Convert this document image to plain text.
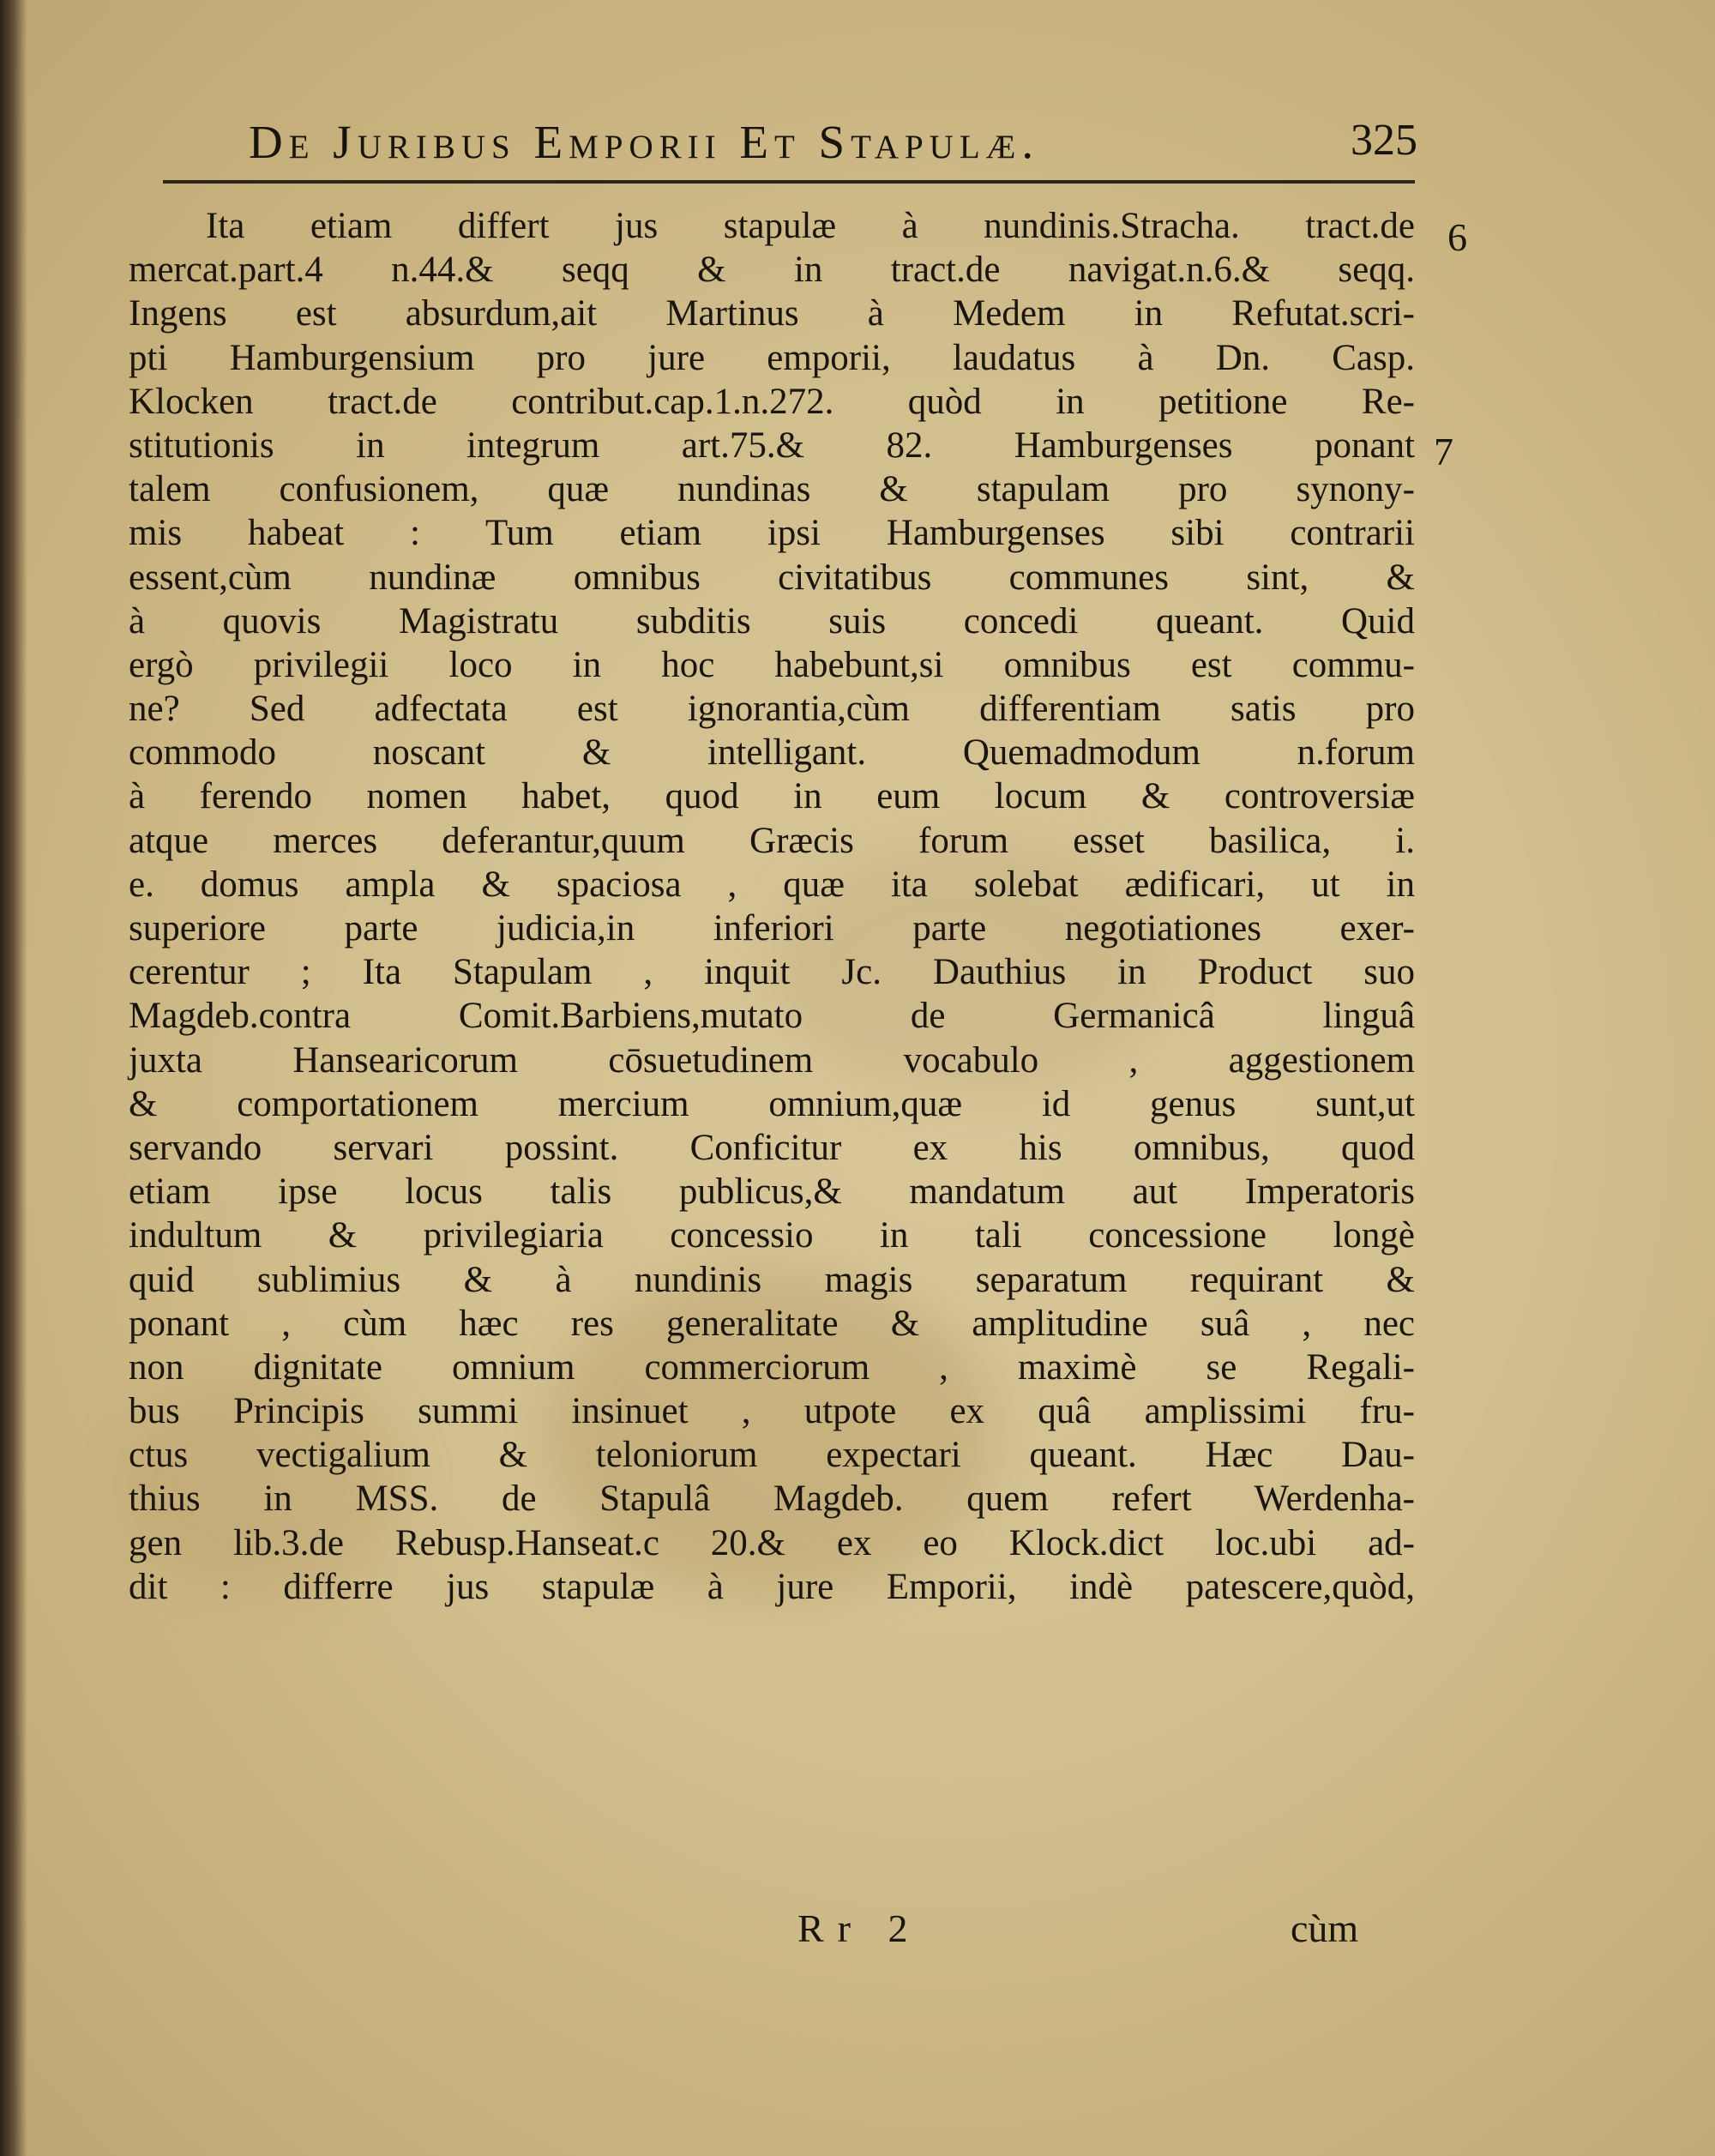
De Juribus Emporii Et Stapulæ.	325
6
7
Ita etiam differt jus stapulæ à nundinis.Stracha. tract.de
mercat.part.4 n.44.& seqq & in tract.de navigat.n.6.& seqq.
Ingens est absurdum,ait Martinus à Medem in Refutat.scri-
pti Hamburgensium pro jure emporii, laudatus à Dn. Casp.
Klocken tract.de contribut.cap.1.n.272. quòd in petitione Re-
stitutionis in integrum art.75.& 82. Hamburgenses ponant
talem confusionem, quæ nundinas & stapulam pro synony-
mis habeat : Tum etiam ipsi Hamburgenses sibi contrarii
essent,cùm nundinæ omnibus civitatibus communes sint, &
à quovis Magistratu subditis suis concedi queant. Quid
ergò privilegii loco in hoc habebunt,si omnibus est commu-
ne? Sed adfectata est ignorantia,cùm differentiam satis pro
commodo noscant & intelligant. Quemadmodum n.forum
à ferendo nomen habet, quod in eum locum & controversiæ
atque merces deferantur,quum Græcis forum esset basilica, i.
e. domus ampla & spaciosa , quæ ita solebat ædificari, ut in
superiore parte judicia,in inferiori parte negotiationes exer-
cerentur ; Ita Stapulam , inquit Jc. Dauthius in Product suo
Magdeb.contra Comit.Barbiens,mutato de Germanicâ linguâ
juxta Hansearicorum cōsuetudinem vocabulo , aggestionem
& comportationem mercium omnium,quæ id genus sunt,ut
servando servari possint. Conficitur ex his omnibus, quod
etiam ipse locus talis publicus,& mandatum aut Imperatoris
indultum & privilegiaria concessio in tali concessione longè
quid sublimius & à nundinis magis separatum requirant &
ponant , cùm hæc res generalitate & amplitudine suâ , nec
non dignitate omnium commerciorum , maximè se Regali-
bus Principis summi insinuet , utpote ex quâ amplissimi fru-
ctus vectigalium & teloniorum expectari queant. Hæc Dau-
thius in MSS. de Stapulâ Magdeb. quem refert Werdenha-
gen lib.3.de Rebusp.Hanseat.c 20.& ex eo Klock.dict loc.ubi ad-
dit : differre jus stapulæ à jure Emporii, indè patescere,quòd,
Rr 2	cùm
